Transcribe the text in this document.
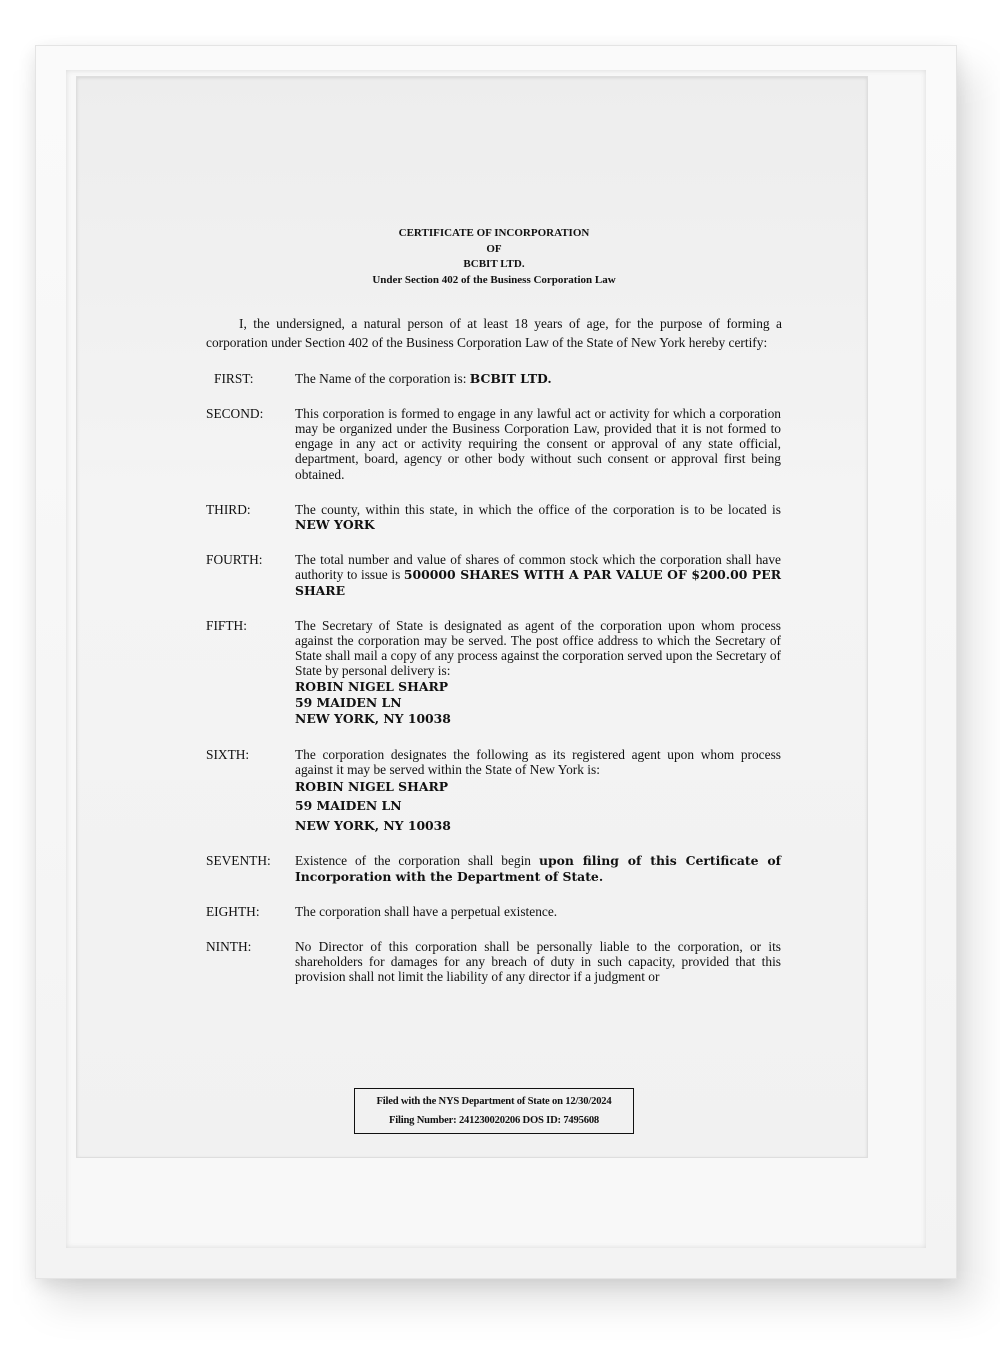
CERTIFICATE OF INCORPORATION
OF
BCBIT LTD.
Under Section 402 of the Business Corporation Law
I, the undersigned, a natural person of at least 18 years of age, for the purpose of forming a corporation under Section 402 of the Business Corporation Law of the State of New York hereby certify:
FIRST:	The Name of the corporation is: BCBIT LTD.
SECOND:	This corporation is formed to engage in any lawful act or activity for which a corporation may be organized under the Business Corporation Law, provided that it is not formed to engage in any act or activity requiring the consent or approval of any state official, department, board, agency or other body without such consent or approval first being obtained.
THIRD:	The county, within this state, in which the office of the corporation is to be located is NEW YORK
FOURTH:	The total number and value of shares of common stock which the corporation shall have authority to issue is 500000 SHARES WITH A PAR VALUE OF $200.00 PER SHARE
FIFTH:	The Secretary of State is designated as agent of the corporation upon whom process against the corporation may be served. The post office address to which the Secretary of State shall mail a copy of any process against the corporation served upon the Secretary of State by personal delivery is:
ROBIN NIGEL SHARP
59 MAIDEN LN
NEW YORK, NY 10038
SIXTH:	The corporation designates the following as its registered agent upon whom process against it may be served within the State of New York is:
ROBIN NIGEL SHARP
59 MAIDEN LN
NEW YORK, NY 10038
SEVENTH:	Existence of the corporation shall begin upon filing of this Certificate of Incorporation with the Department of State.
EIGHTH:	The corporation shall have a perpetual existence.
NINTH:	No Director of this corporation shall be personally liable to the corporation, or its shareholders for damages for any breach of duty in such capacity, provided that this provision shall not limit the liability of any director if a judgment or
Filed with the NYS Department of State on 12/30/2024
Filing Number: 241230020206 DOS ID: 7495608
